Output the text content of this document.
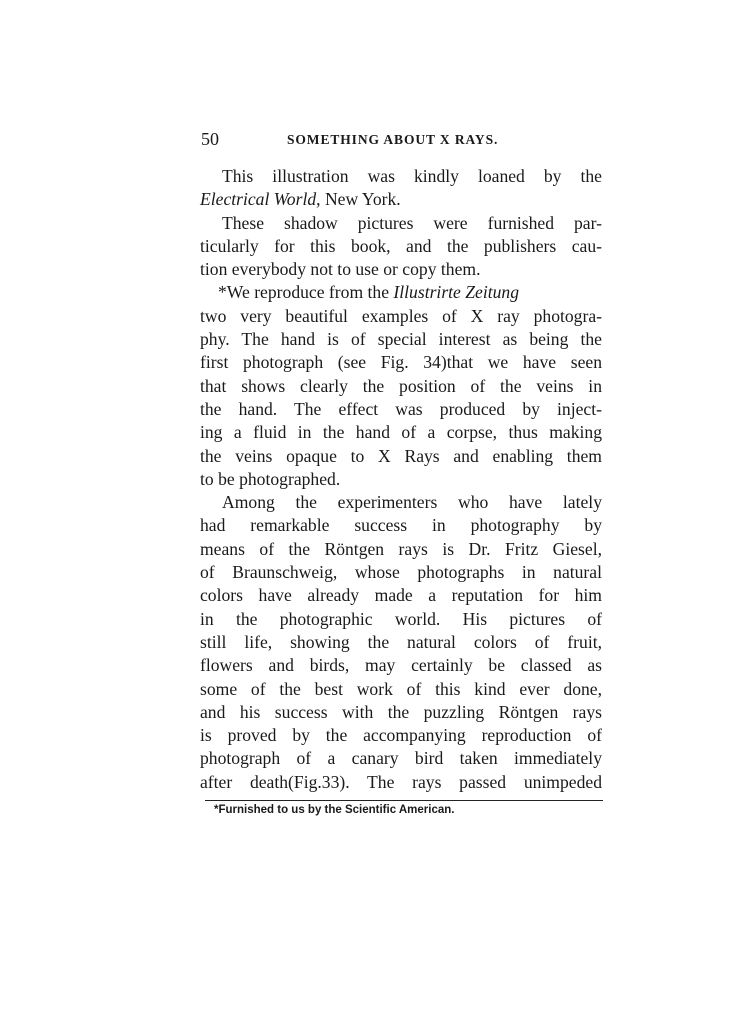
50	SOMETHING ABOUT X RAYS.
This illustration was kindly loaned by the
Electrical World, New York.
These shadow pictures were furnished par-
ticularly for this book, and the publishers cau-
tion everybody not to use or copy them.
*We reproduce from the Illustrirte Zeitung
two very beautiful examples of X ray photogra-
phy. The hand is of special interest as being the
first photograph (see Fig. 34)that we have seen
that shows clearly the position of the veins in
the hand. The effect was produced by inject-
ing a fluid in the hand of a corpse, thus making
the veins opaque to X Rays and enabling them
to be photographed.
Among the experimenters who have lately
had remarkable success in photography by
means of the Röntgen rays is Dr. Fritz Giesel,
of Braunschweig, whose photographs in natural
colors have already made a reputation for him
in the photographic world. His pictures of
still life, showing the natural colors of fruit,
flowers and birds, may certainly be classed as
some of the best work of this kind ever done,
and his success with the puzzling Röntgen rays
is proved by the accompanying reproduction of
photograph of a canary bird taken immediately
after death(Fig.33). The rays passed unimpeded
*Furnished to us by the Scientific American.
